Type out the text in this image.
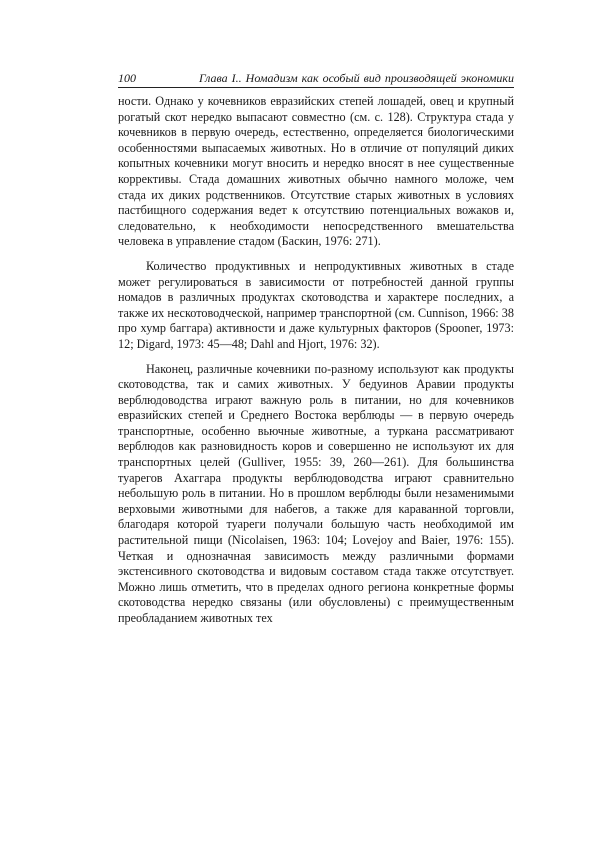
100	Глава I.. Номадизм как особый вид производящей экономики

ности. Однако у кочевников евразийских степей лошадей, овец и крупный рогатый скот нередко выпасают совместно (см. с. 128). Структура стада у кочевников в первую очередь, естественно, определяется биологическими особенностями выпасаемых животных. Но в отличие от популяций диких копытных кочевники могут вносить и нередко вносят в нее существенные коррективы. Стада домашних животных обычно намного моложе, чем стада их диких родственников. Отсутствие старых животных в условиях пастбищного содержания ведет к отсутствию потенциальных вожаков и, следовательно, к необходимости непосредственного вмешательства человека в управление стадом (Баскин, 1976: 271).

Количество продуктивных и непродуктивных животных в стаде может регулироваться в зависимости от потребностей данной группы номадов в различных продуктах скотоводства и характере последних, а также их нескотоводческой, например транспортной (см. Cunnison, 1966: 38 про хумр баггара) активности и даже культурных факторов (Spooner, 1973: 12; Digard, 1973: 45—48; Dahl and Hjort, 1976: 32).

Наконец, различные кочевники по-разному используют как продукты скотоводства, так и самих животных. У бедуинов Аравии продукты верблюдоводства играют важную роль в питании, но для кочевников евразийских степей и Среднего Востока верблюды — в первую очередь транспортные, особенно вьючные животные, а туркана рассматривают верблюдов как разновидность коров и совершенно не используют их для транспортных целей (Gulliver, 1955: 39, 260—261). Для большинства туарегов Ахаггара продукты верблюдоводства играют сравнительно небольшую роль в питании. Но в прошлом верблюды были незаменимыми верховыми животными для набегов, а также для караванной торговли, благодаря которой туареги получали большую часть необходимой им растительной пищи (Nicolaisen, 1963: 104; Lovejoy and Baier, 1976: 155). Четкая и однозначная зависимость между различными формами экстенсивного скотоводства и видовым составом стада также отсутствует. Можно лишь отметить, что в пределах одного региона конкретные формы скотоводства нередко связаны (или обусловлены) с преимущественным преобладанием животных тех
